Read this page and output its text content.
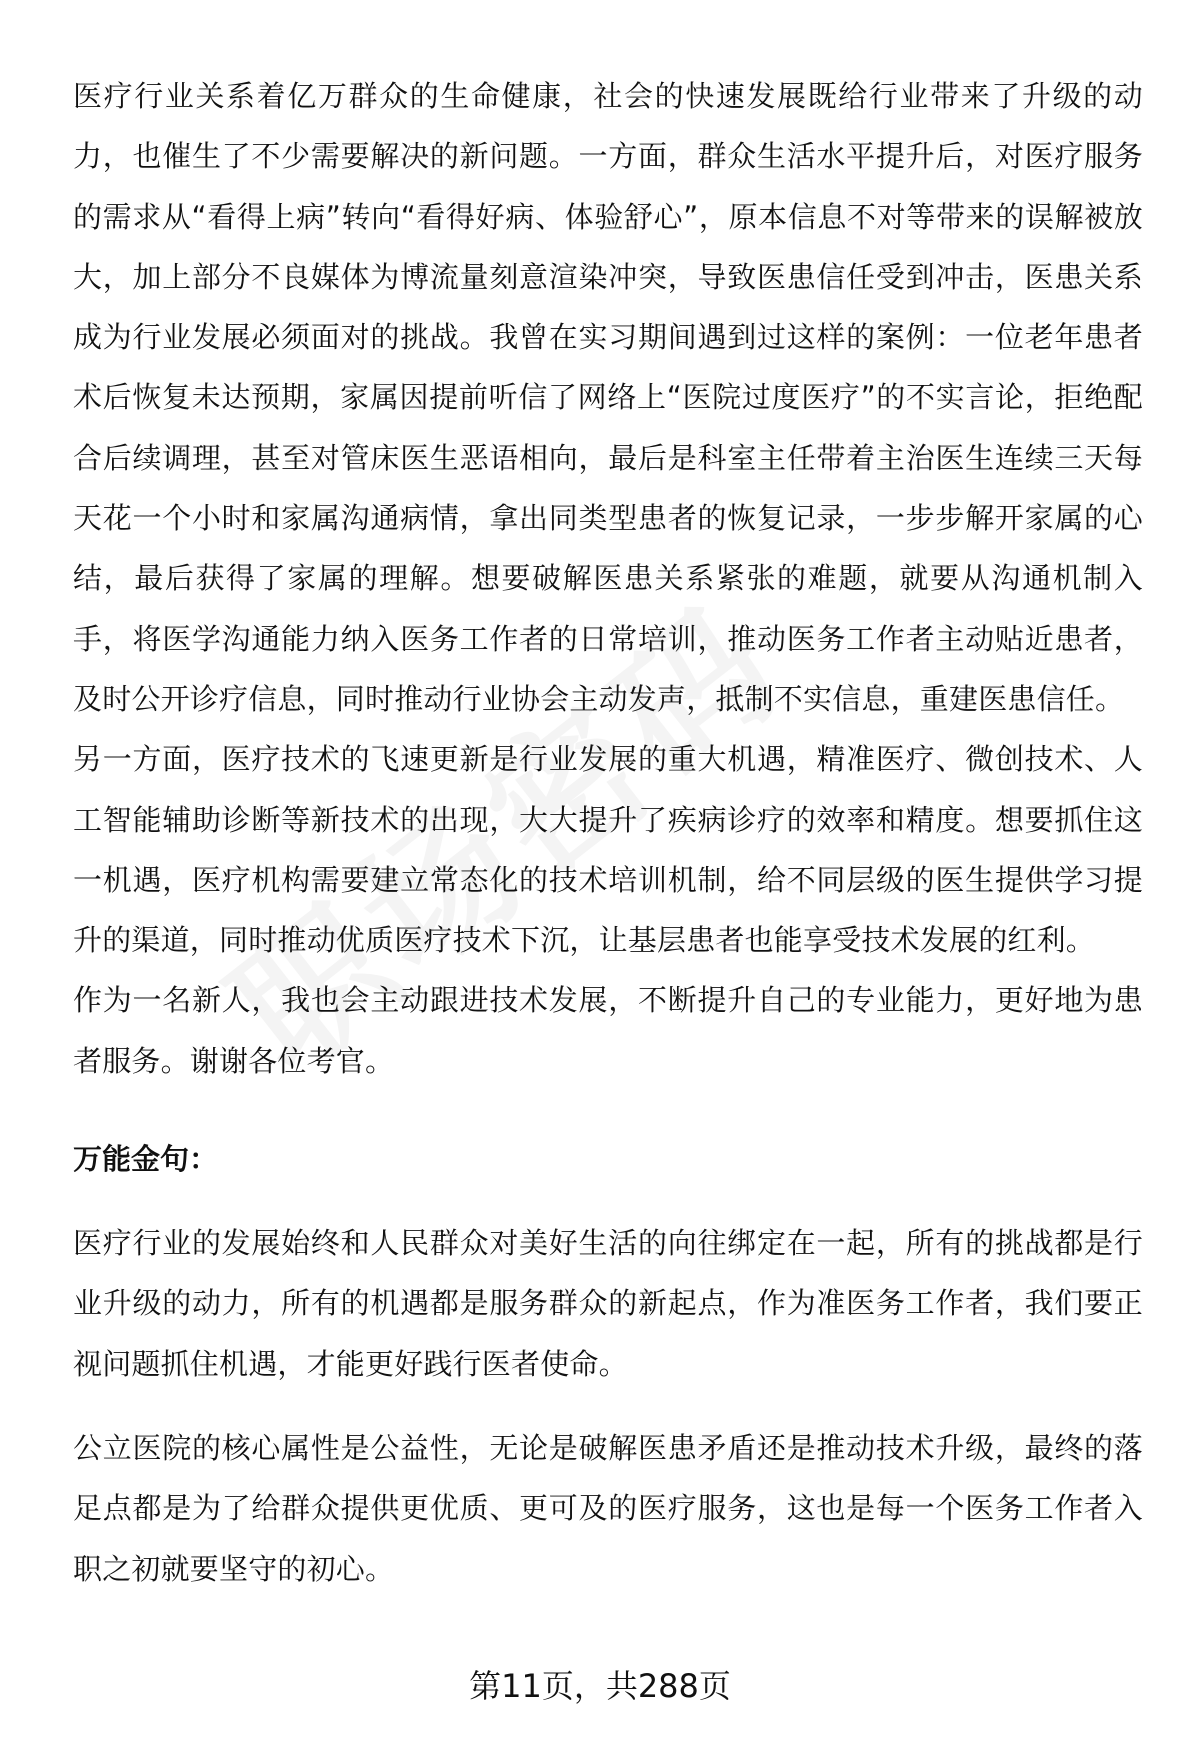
医疗行业关系着亿万群众的生命健康，社会的快速发展既给行业带来了升级的动力，也催生了不少需要解决的新问题。一方面，群众生活水平提升后，对医疗服务的需求从“看得上病”转向“看得好病、体验舒心”，原本信息不对等带来的误解被放大，加上部分不良媒体为博流量刻意渲染冲突，导致医患信任受到冲击，医患关系成为行业发展必须面对的挑战。我曾在实习期间遇到过这样的案例：一位老年患者术后恢复未达预期，家属因提前听信了网络上“医院过度医疗”的不实言论，拒绝配合后续调理，甚至对管床医生恶语相向，最后是科室主任带着主治医生连续三天每天花一个小时和家属沟通病情，拿出同类型患者的恢复记录，一步步解开家属的心结，最后获得了家属的理解。想要破解医患关系紧张的难题，就要从沟通机制入手，将医学沟通能力纳入医务工作者的日常培训，推动医务工作者主动贴近患者，及时公开诊疗信息，同时推动行业协会主动发声，抵制不实信息，重建医患信任。

另一方面，医疗技术的飞速更新是行业发展的重大机遇，精准医疗、微创技术、人工智能辅助诊断等新技术的出现，大大提升了疾病诊疗的效率和精度。想要抓住这一机遇，医疗机构需要建立常态化的技术培训机制，给不同层级的医生提供学习提升的渠道，同时推动优质医疗技术下沉，让基层患者也能享受技术发展的红利。

作为一名新人，我也会主动跟进技术发展，不断提升自己的专业能力，更好地为患者服务。谢谢各位考官。

万能金句：

医疗行业的发展始终和人民群众对美好生活的向往绑定在一起，所有的挑战都是行业升级的动力，所有的机遇都是服务群众的新起点，作为准医务工作者，我们要正视问题抓住机遇，才能更好践行医者使命。

公立医院的核心属性是公益性，无论是破解医患矛盾还是推动技术升级，最终的落足点都是为了给群众提供更优质、更可及的医疗服务，这也是每一个医务工作者入职之初就要坚守的初心。

第11页，共288页
